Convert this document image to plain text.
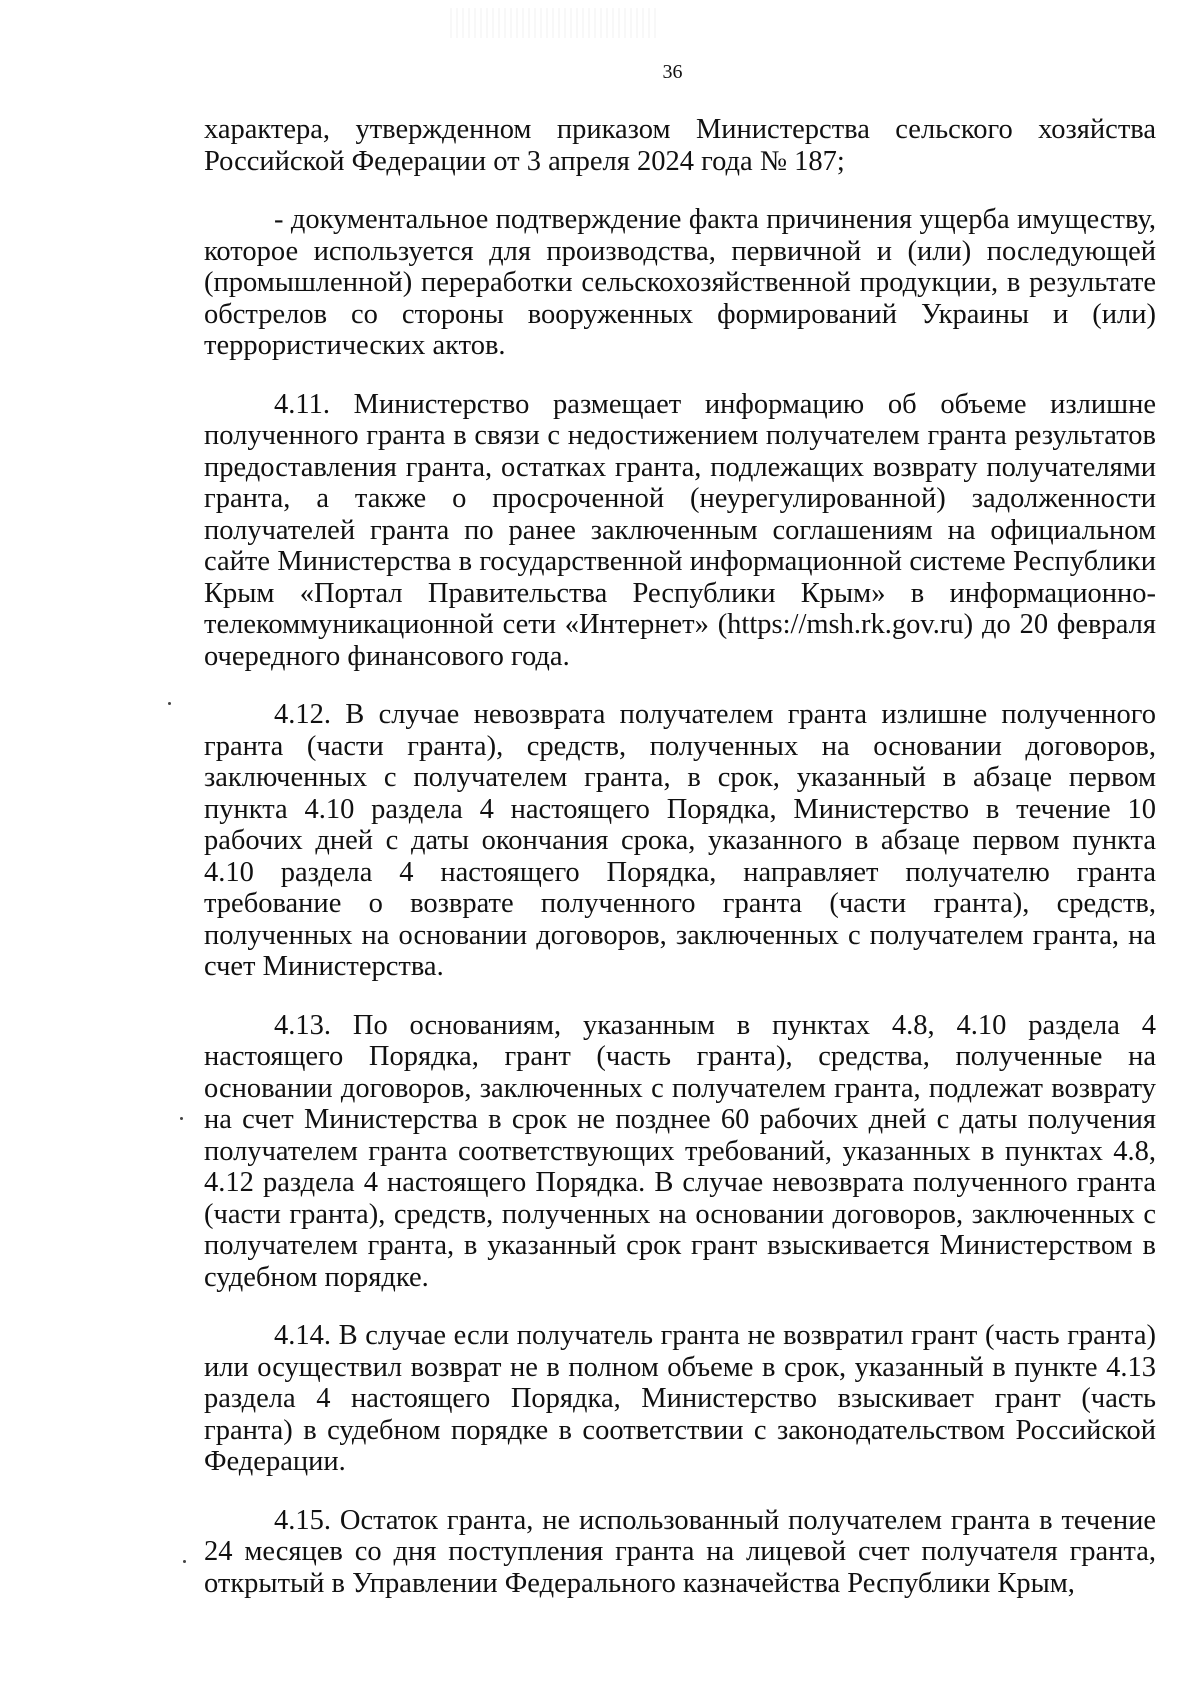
36

характера, утвержденном приказом Министерства сельского хозяйства Российской Федерации от 3 апреля 2024 года № 187;

- документальное подтверждение факта причинения ущерба имуществу, которое используется для производства, первичной и (или) последующей (промышленной) переработки сельскохозяйственной продукции, в результате обстрелов со стороны вооруженных формирований Украины и (или) террористических актов.

4.11. Министерство размещает информацию об объеме излишне полученного гранта в связи с недостижением получателем гранта результатов предоставления гранта, остатках гранта, подлежащих возврату получателями гранта, а также о просроченной (неурегулированной) задолженности получателей гранта по ранее заключенным соглашениям на официальном сайте Министерства в государственной информационной системе Республики Крым «Портал Правительства Республики Крым» в информационно-телекоммуникационной сети «Интернет» (https://msh.rk.gov.ru) до 20 февраля очередного финансового года.

4.12. В случае невозврата получателем гранта излишне полученного гранта (части гранта), средств, полученных на основании договоров, заключенных с получателем гранта, в срок, указанный в абзаце первом пункта 4.10 раздела 4 настоящего Порядка, Министерство в течение 10 рабочих дней с даты окончания срока, указанного в абзаце первом пункта 4.10 раздела 4 настоящего Порядка, направляет получателю гранта требование о возврате полученного гранта (части гранта), средств, полученных на основании договоров, заключенных с получателем гранта, на счет Министерства.

4.13. По основаниям, указанным в пунктах 4.8, 4.10 раздела 4 настоящего Порядка, грант (часть гранта), средства, полученные на основании договоров, заключенных с получателем гранта, подлежат возврату на счет Министерства в срок не позднее 60 рабочих дней с даты получения получателем гранта соответствующих требований, указанных в пунктах 4.8, 4.12 раздела 4 настоящего Порядка. В случае невозврата полученного гранта (части гранта), средств, полученных на основании договоров, заключенных с получателем гранта, в указанный срок грант взыскивается Министерством в судебном порядке.

4.14. В случае если получатель гранта не возвратил грант (часть гранта) или осуществил возврат не в полном объеме в срок, указанный в пункте 4.13 раздела 4 настоящего Порядка, Министерство взыскивает грант (часть гранта) в судебном порядке в соответствии с законодательством Российской Федерации.

4.15. Остаток гранта, не использованный получателем гранта в течение 24 месяцев со дня поступления гранта на лицевой счет получателя гранта, открытый в Управлении Федерального казначейства Республики Крым,
